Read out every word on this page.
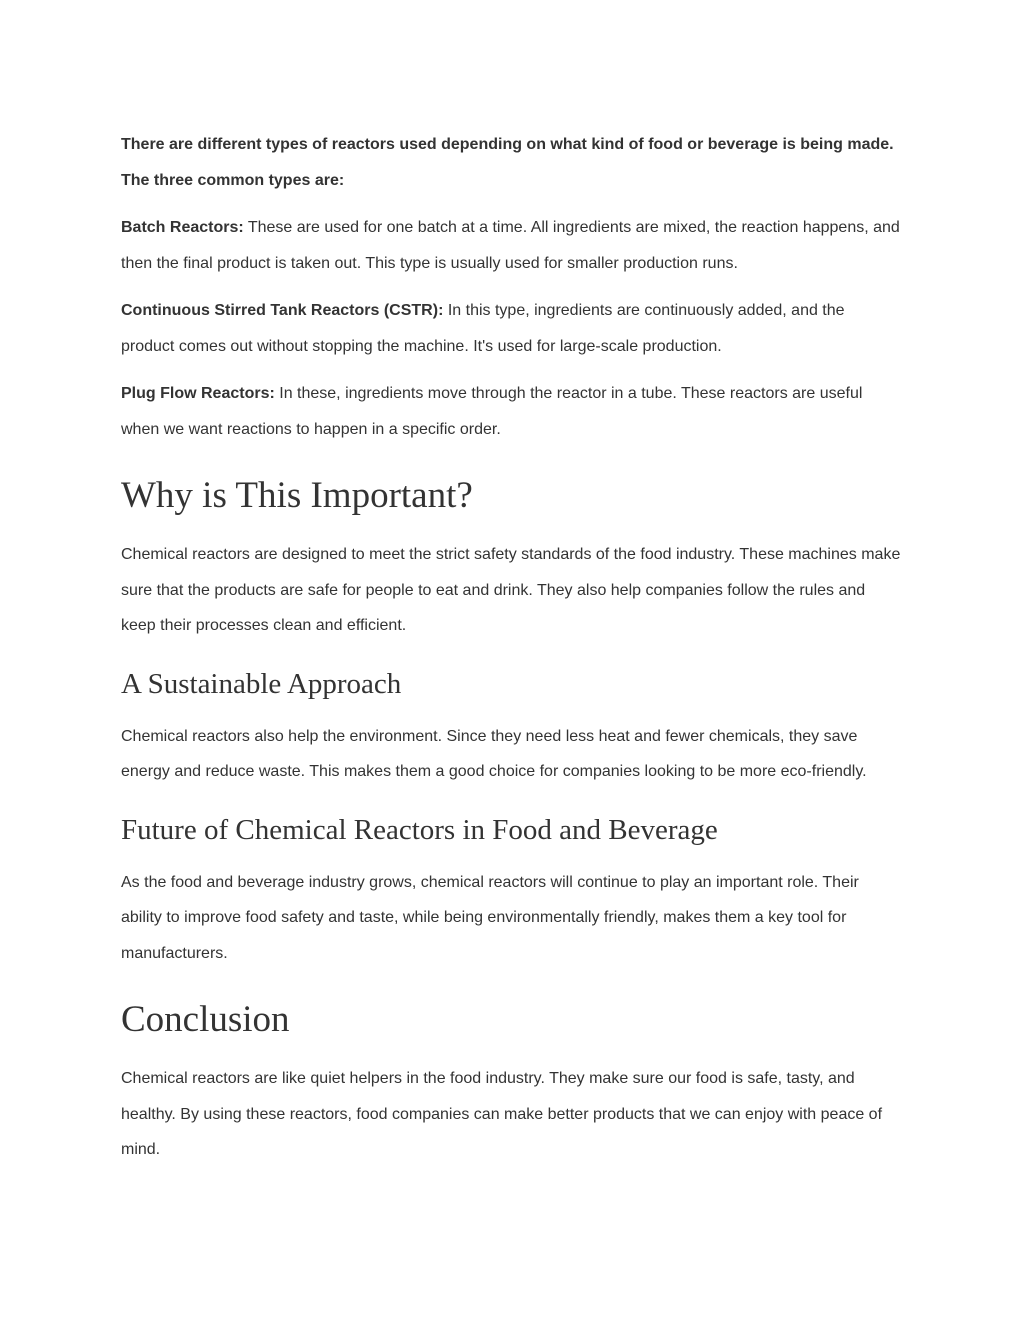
There are different types of reactors used depending on what kind of food or beverage is being made. The three common types are:

Batch Reactors: These are used for one batch at a time. All ingredients are mixed, the reaction happens, and then the final product is taken out. This type is usually used for smaller production runs.

Continuous Stirred Tank Reactors (CSTR): In this type, ingredients are continuously added, and the product comes out without stopping the machine. It's used for large-scale production.

Plug Flow Reactors: In these, ingredients move through the reactor in a tube. These reactors are useful when we want reactions to happen in a specific order.

Why is This Important?

Chemical reactors are designed to meet the strict safety standards of the food industry. These machines make sure that the products are safe for people to eat and drink. They also help companies follow the rules and keep their processes clean and efficient.

A Sustainable Approach

Chemical reactors also help the environment. Since they need less heat and fewer chemicals, they save energy and reduce waste. This makes them a good choice for companies looking to be more eco-friendly.

Future of Chemical Reactors in Food and Beverage

As the food and beverage industry grows, chemical reactors will continue to play an important role. Their ability to improve food safety and taste, while being environmentally friendly, makes them a key tool for manufacturers.

Conclusion

Chemical reactors are like quiet helpers in the food industry. They make sure our food is safe, tasty, and healthy. By using these reactors, food companies can make better products that we can enjoy with peace of mind.
